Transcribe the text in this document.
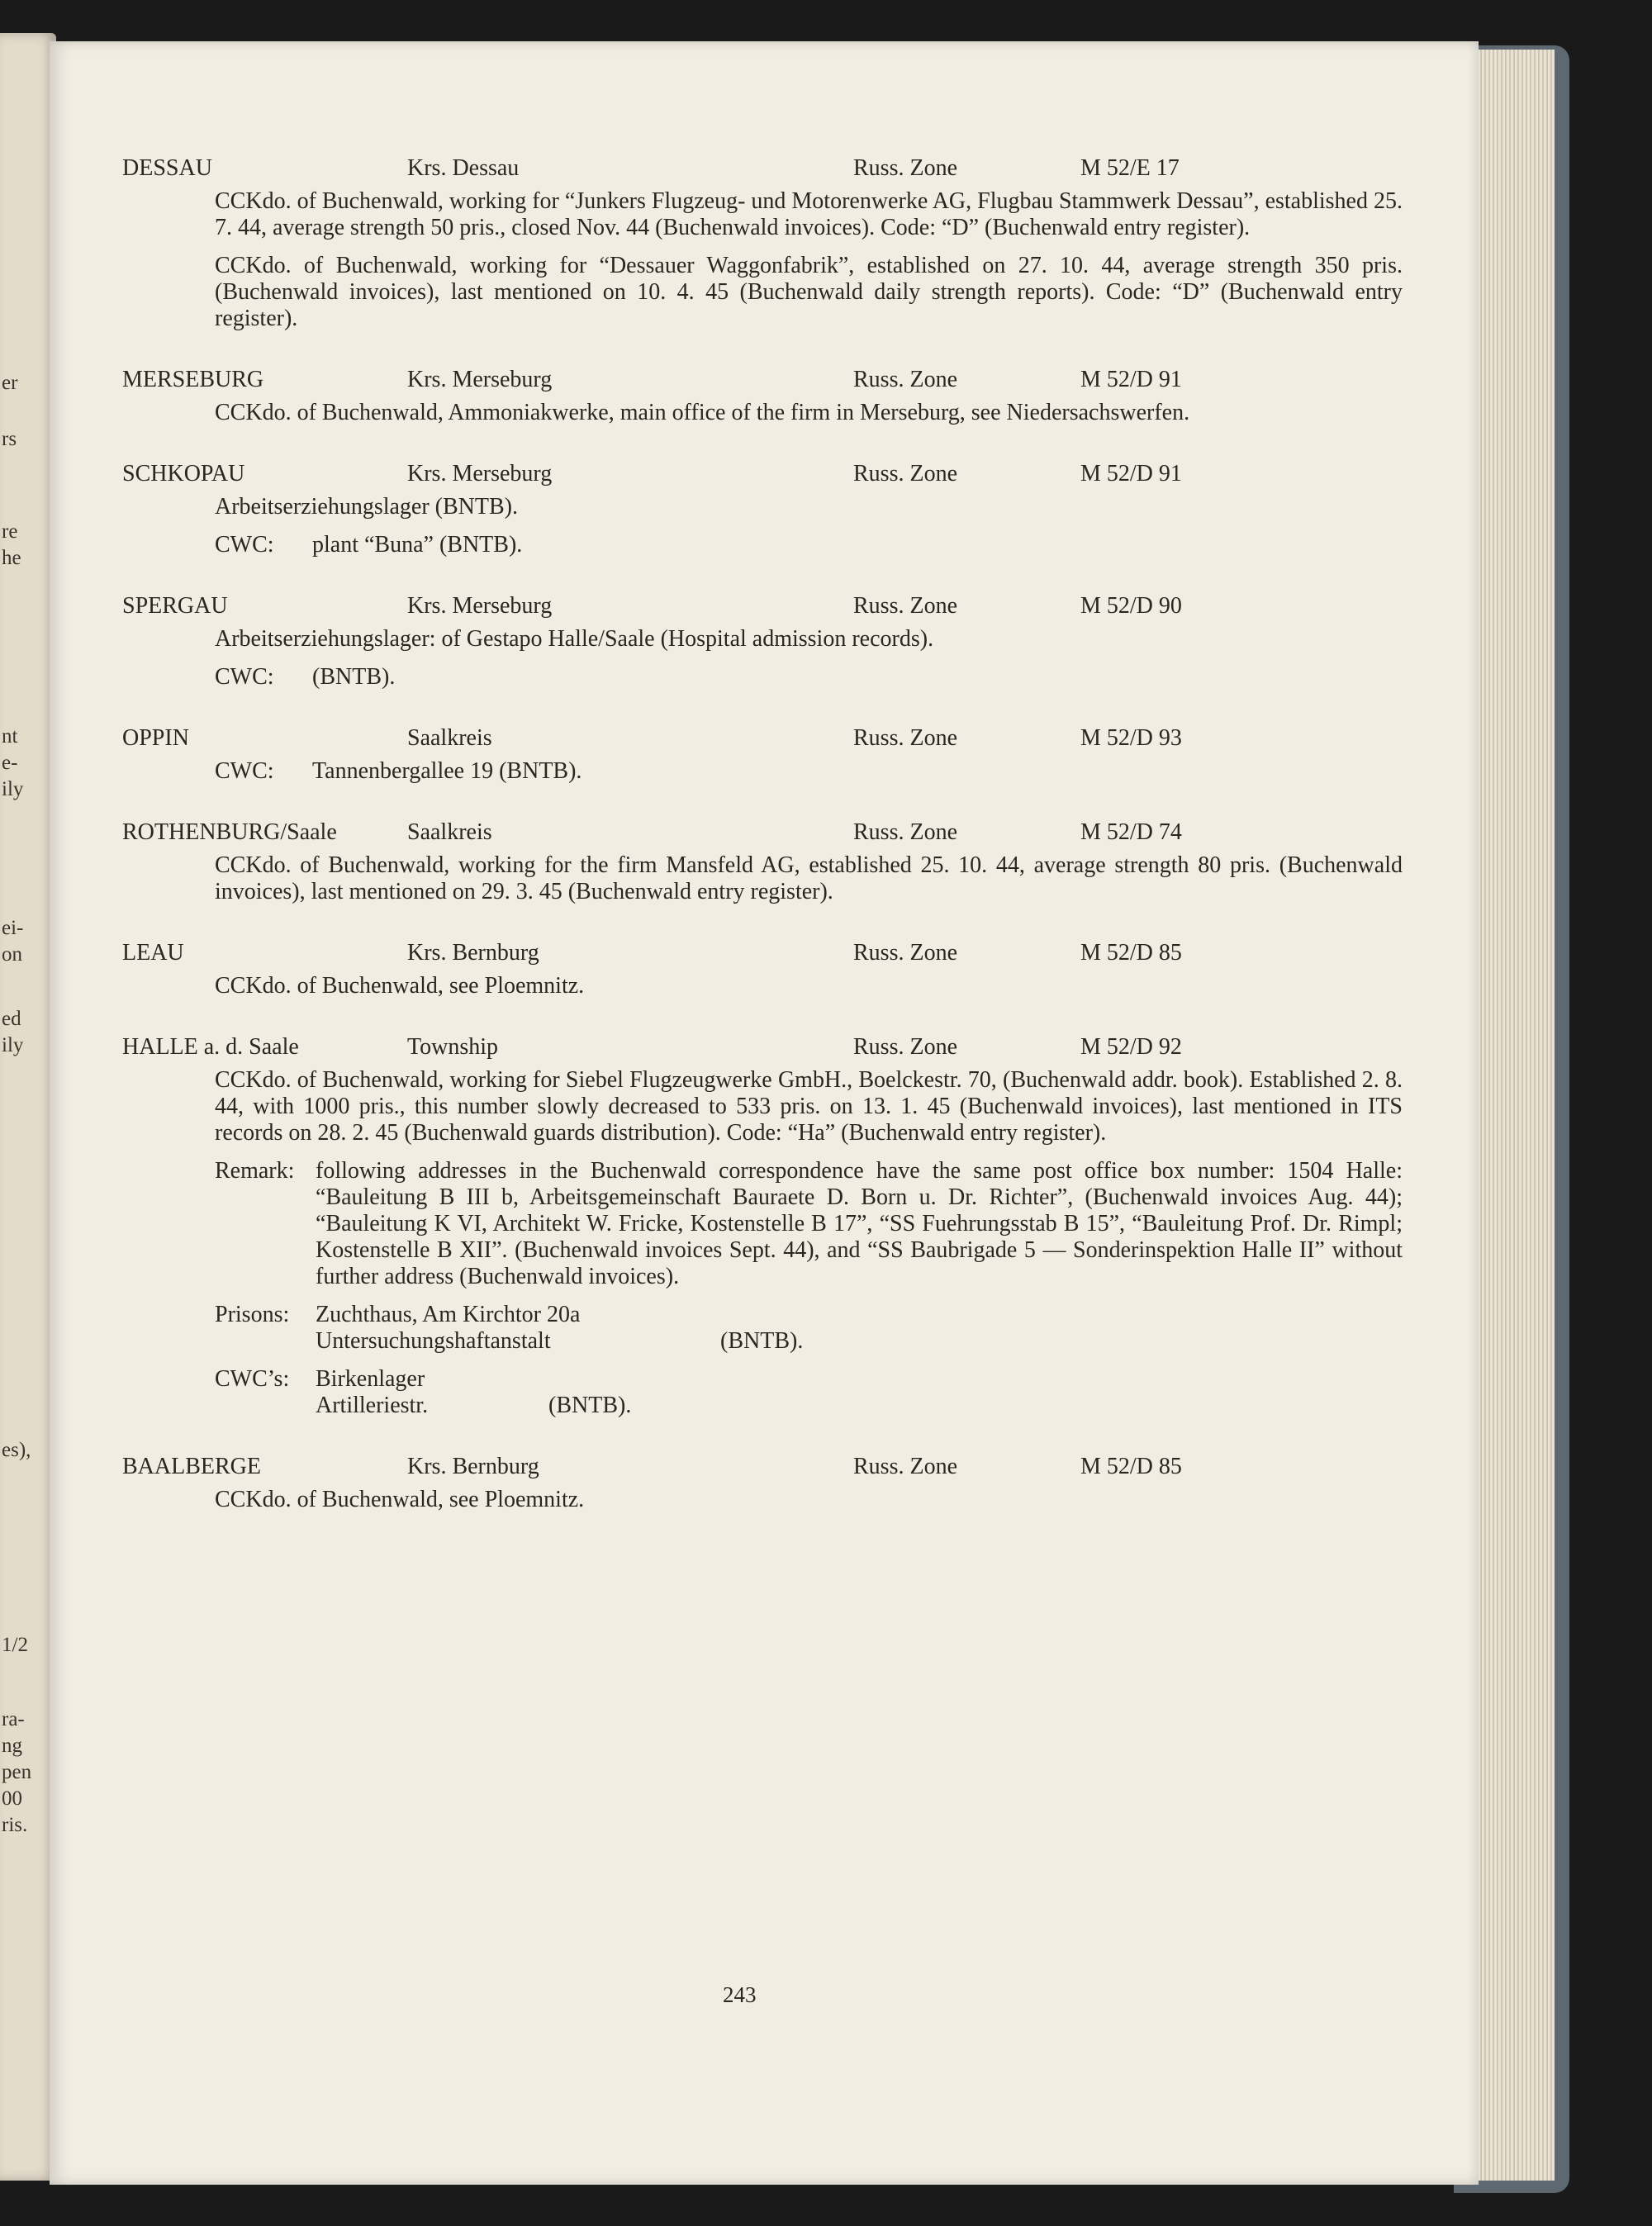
er
rs
re
he
nt
e-
ily
ei-
on
ed
ily
es),
1/2
ra-
ng
pen
00
ris.
DESSAU	Krs. Dessau	Russ. Zone	M 52/E 17
CCKdo. of Buchenwald, working for “Junkers Flugzeug- und Motorenwerke AG, Flugbau Stammwerk Dessau”, established 25. 7. 44, average strength 50 pris., closed Nov. 44 (Buchenwald invoices). Code: “D” (Buchenwald entry register).
CCKdo. of Buchenwald, working for “Dessauer Waggonfabrik”, established on 27. 10. 44, average strength 350 pris. (Buchenwald invoices), last mentioned on 10. 4. 45 (Buchenwald daily strength reports). Code: “D” (Buchenwald entry register).
MERSEBURG	Krs. Merseburg	Russ. Zone	M 52/D 91
CCKdo. of Buchenwald, Ammoniakwerke, main office of the firm in Merseburg, see Niedersachswerfen.
SCHKOPAU	Krs. Merseburg	Russ. Zone	M 52/D 91
Arbeitserziehungslager (BNTB).
CWC: plant “Buna” (BNTB).
SPERGAU	Krs. Merseburg	Russ. Zone	M 52/D 90
Arbeitserziehungslager: of Gestapo Halle/Saale (Hospital admission records).
CWC: (BNTB).
OPPIN	Saalkreis	Russ. Zone	M 52/D 93
CWC: Tannenbergallee 19 (BNTB).
ROTHENBURG/Saale	Saalkreis	Russ. Zone	M 52/D 74
CCKdo. of Buchenwald, working for the firm Mansfeld AG, established 25. 10. 44, average strength 80 pris. (Buchenwald invoices), last mentioned on 29. 3. 45 (Buchenwald entry register).
LEAU	Krs. Bernburg	Russ. Zone	M 52/D 85
CCKdo. of Buchenwald, see Ploemnitz.
HALLE a. d. Saale	Township	Russ. Zone	M 52/D 92
CCKdo. of Buchenwald, working for Siebel Flugzeugwerke GmbH., Boelckestr. 70, (Buchenwald addr. book). Established 2. 8. 44, with 1000 pris., this number slowly decreased to 533 pris. on 13. 1. 45 (Buchenwald invoices), last mentioned in ITS records on 28. 2. 45 (Buchenwald guards distribution). Code: “Ha” (Buchenwald entry register).
Remark: following addresses in the Buchenwald correspondence have the same post office box number: 1504 Halle: “Bauleitung B III b, Arbeitsgemeinschaft Bauraete D. Born u. Dr. Richter”, (Buchenwald invoices Aug. 44); “Bauleitung K VI, Architekt W. Fricke, Kostenstelle B 17”, “SS Fuehrungsstab B 15”, “Bauleitung Prof. Dr. Rimpl; Kostenstelle B XII”. (Buchenwald invoices Sept. 44), and “SS Baubrigade 5 — Sonderinspektion Halle II” without further address (Buchenwald invoices).
Prisons: Zuchthaus, Am Kirchtor 20a
Untersuchungshaftanstalt	(BNTB).
CWC’s: Birkenlager
Artilleriestr.	(BNTB).
BAALBERGE	Krs. Bernburg	Russ. Zone	M 52/D 85
CCKdo. of Buchenwald, see Ploemnitz.
243
